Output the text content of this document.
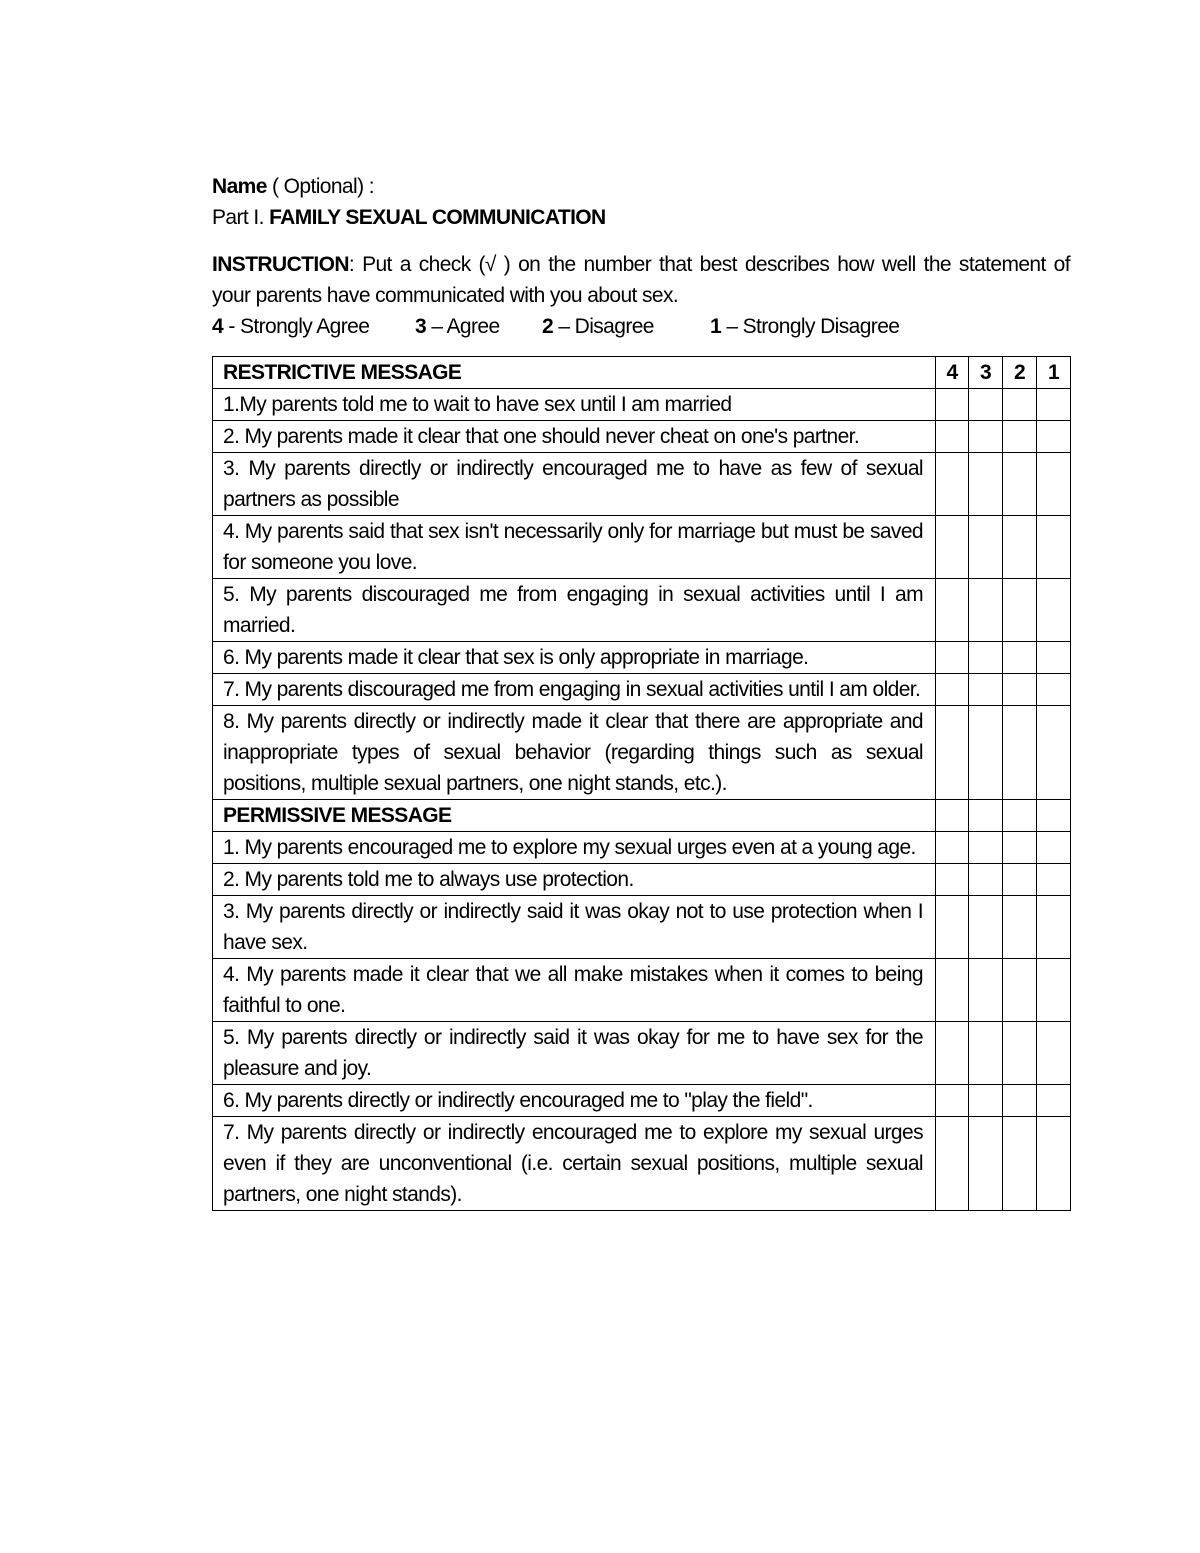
Name ( Optional) :
Part I. FAMILY SEXUAL COMMUNICATION
INSTRUCTION: Put a check (√ ) on the number that best describes how well the statement of your parents have communicated with you about sex.
4 - Strongly Agree 3 – Agree 2 – Disagree	1 – Strongly Disagree
RESTRICTIVE MESSAGE	4	3	2	1
1.My parents told me to wait to have sex until I am married				
2. My parents made it clear that one should never cheat on one's partner.				
3. My parents directly or indirectly encouraged me to have as few of sexual partners as possible				
4. My parents said that sex isn't necessarily only for marriage but must be saved for someone you love.				
5. My parents discouraged me from engaging in sexual activities until I am married.				
6. My parents made it clear that sex is only appropriate in marriage.				
7. My parents discouraged me from engaging in sexual activities until I am older.				
8. My parents directly or indirectly made it clear that there are appropriate and inappropriate types of sexual behavior (regarding things such as sexual positions, multiple sexual partners, one night stands, etc.).				
PERMISSIVE MESSAGE				
1. My parents encouraged me to explore my sexual urges even at a young age.				
2. My parents told me to always use protection.				
3. My parents directly or indirectly said it was okay not to use protection when I have sex.				
4. My parents made it clear that we all make mistakes when it comes to being faithful to one.				
5. My parents directly or indirectly said it was okay for me to have sex for the pleasure and joy.				
6. My parents directly or indirectly encouraged me to "play the field".				
7. My parents directly or indirectly encouraged me to explore my sexual urges even if they are unconventional (i.e. certain sexual positions, multiple sexual partners, one night stands).				
